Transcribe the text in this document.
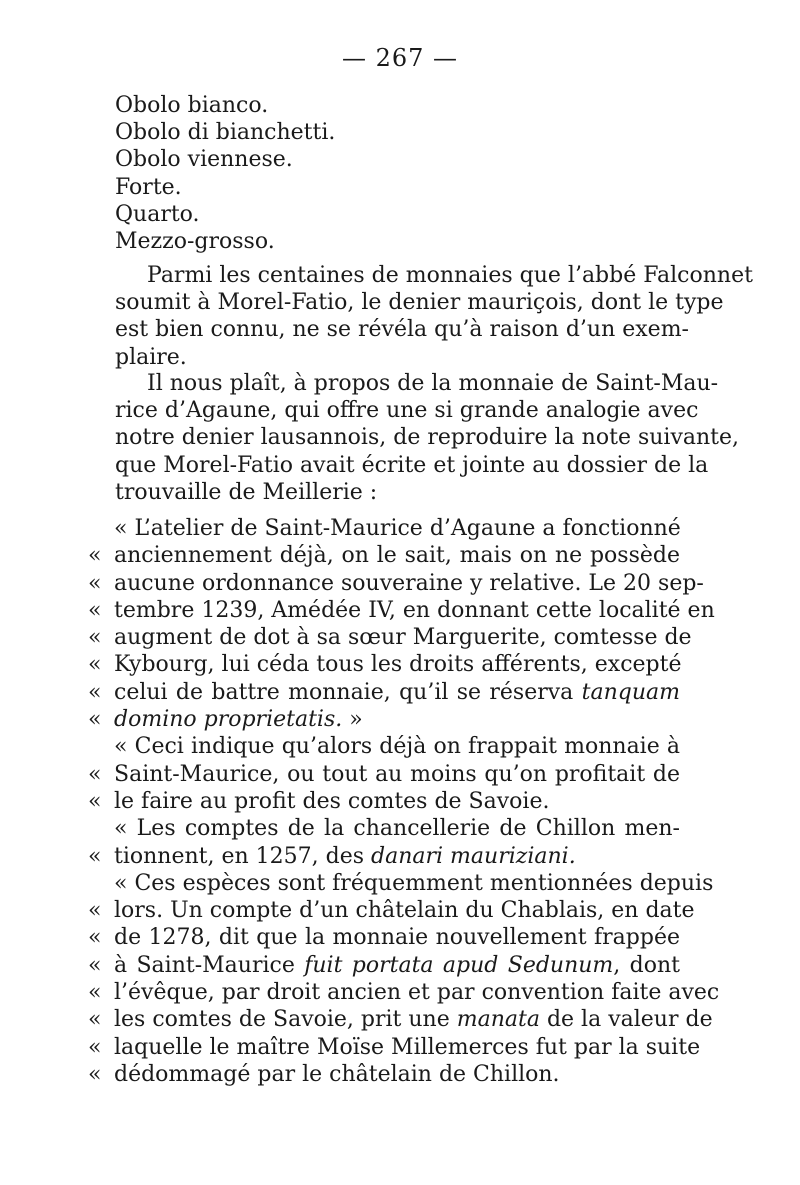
— 267 —
Obolo bianco.
Obolo di bianchetti.
Obolo viennese.
Forte.
Quarto.
Mezzo-grosso.
Parmi les centaines de monnaies que l’abbé Falconnet
soumit à Morel-Fatio, le denier mauriçois, dont le type
est bien connu, ne se révéla qu’à raison d’un exem-
plaire.
Il nous plaît, à propos de la monnaie de Saint-Mau-
rice d’Agaune, qui offre une si grande analogie avec
notre denier lausannois, de reproduire la note suivante,
que Morel-Fatio avait écrite et jointe au dossier de la
trouvaille de Meillerie :
« L’atelier de Saint-Maurice d’Agaune a fonctionné
« anciennement déjà, on le sait, mais on ne possède
« aucune ordonnance souveraine y relative. Le 20 sep-
« tembre 1239, Amédée IV, en donnant cette localité en
« augment de dot à sa sœur Marguerite, comtesse de
« Kybourg, lui céda tous les droits afférents, excepté
« celui de battre monnaie, qu’il se réserva tanquam
« domino proprietatis. »
« Ceci indique qu’alors déjà on frappait monnaie à
« Saint-Maurice, ou tout au moins qu’on profitait de
« le faire au profit des comtes de Savoie.
« Les comptes de la chancellerie de Chillon men-
« tionnent, en 1257, des danari mauriziani.
« Ces espèces sont fréquemment mentionnées depuis
« lors. Un compte d’un châtelain du Chablais, en date
« de 1278, dit que la monnaie nouvellement frappée
« à Saint-Maurice fuit portata apud Sedunum, dont
« l’évêque, par droit ancien et par convention faite avec
« les comtes de Savoie, prit une manata de la valeur de
« laquelle le maître Moïse Millemerces fut par la suite
« dédommagé par le châtelain de Chillon.
